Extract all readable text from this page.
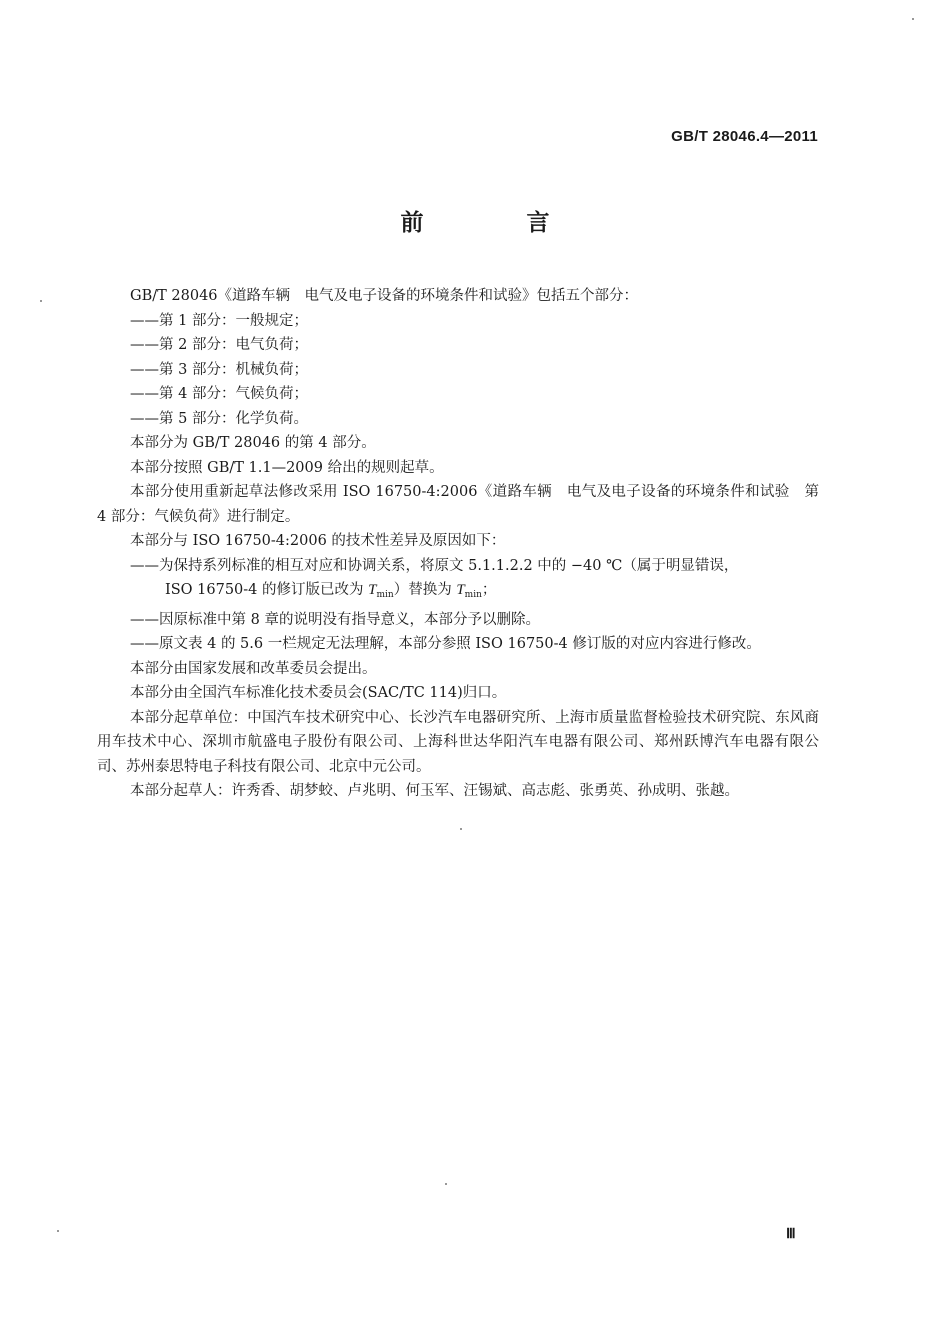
GB/T 28046.4—2011
前　言

GB/T 28046《道路车辆　电气及电子设备的环境条件和试验》包括五个部分：

——第 1 部分：一般规定；

——第 2 部分：电气负荷；

——第 3 部分：机械负荷；

——第 4 部分：气候负荷；

——第 5 部分：化学负荷。

本部分为 GB/T 28046 的第 4 部分。

本部分按照 GB/T 1.1—2009 给出的规则起草。

本部分使用重新起草法修改采用 ISO 16750-4:2006《道路车辆　电气及电子设备的环境条件和试验　第 4 部分：气候负荷》进行制定。

本部分与 ISO 16750-4:2006 的技术性差异及原因如下：

——为保持系列标准的相互对应和协调关系，将原文 5.1.1.2.2 中的 −40 ℃（属于明显错误，

ISO 16750-4 的修订版已改为 $T_{min}$）替换为 $T_{min}$；

——因原标准中第 8 章的说明没有指导意义，本部分予以删除。

——原文表 4 的 5.6 一栏规定无法理解，本部分参照 ISO 16750-4 修订版的对应内容进行修改。

本部分由国家发展和改革委员会提出。

本部分由全国汽车标准化技术委员会(SAC/TC 114)归口。

本部分起草单位：中国汽车技术研究中心、长沙汽车电器研究所、上海市质量监督检验技术研究院、东风商用车技术中心、深圳市航盛电子股份有限公司、上海科世达华阳汽车电器有限公司、郑州跃博汽车电器有限公司、苏州泰思特电子科技有限公司、北京中元公司。

本部分起草人：许秀香、胡梦蛟、卢兆明、何玉军、汪锡斌、高志彪、张勇英、孙成明、张越。

Ⅲ
